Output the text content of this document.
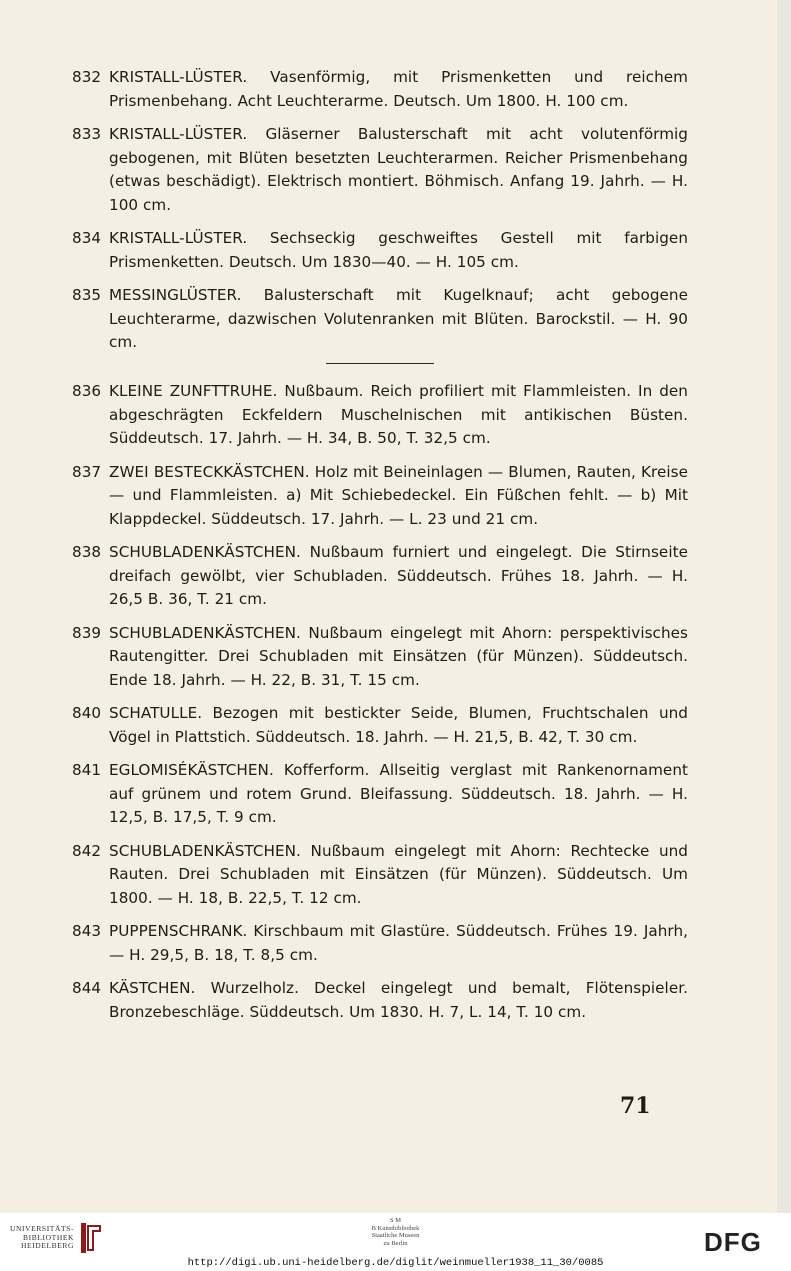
832 KRISTALL-LÜSTER. Vasenförmig, mit Prismenketten und reichem Prismenbehang. Acht Leuchterarme. Deutsch. Um 1800. H. 100 cm.
833 KRISTALL-LÜSTER. Gläserner Balusterschaft mit acht volutenförmig gebogenen, mit Blüten besetzten Leuchterarmen. Reicher Prismenbehang (etwas beschädigt). Elektrisch montiert. Böhmisch. Anfang 19. Jahrh. — H. 100 cm.
834 KRISTALL-LÜSTER. Sechseckig geschweiftes Gestell mit farbigen Prismenketten. Deutsch. Um 1830—40. — H. 105 cm.
835 MESSINGLÜSTER. Balusterschaft mit Kugelknauf; acht gebogene Leuchterarme, dazwischen Volutenranken mit Blüten. Barockstil. — H. 90 cm.
836 KLEINE ZUNFTTRUHE. Nußbaum. Reich profiliert mit Flammleisten. In den abgeschrägten Eckfeldern Muschelnischen mit antikischen Büsten. Süddeutsch. 17. Jahrh. — H. 34, B. 50, T. 32,5 cm.
837 ZWEI BESTECKKÄSTCHEN. Holz mit Beineinlagen — Blumen, Rauten, Kreise — und Flammleisten. a) Mit Schiebedeckel. Ein Füßchen fehlt. — b) Mit Klappdeckel. Süddeutsch. 17. Jahrh. — L. 23 und 21 cm.
838 SCHUBLADENKÄSTCHEN. Nußbaum furniert und eingelegt. Die Stirnseite dreifach gewölbt, vier Schubladen. Süddeutsch. Frühes 18. Jahrh. — H. 26,5 B. 36, T. 21 cm.
839 SCHUBLADENKÄSTCHEN. Nußbaum eingelegt mit Ahorn: perspektivisches Rautengitter. Drei Schubladen mit Einsätzen (für Münzen). Süddeutsch. Ende 18. Jahrh. — H. 22, B. 31, T. 15 cm.
840 SCHATULLE. Bezogen mit bestickter Seide, Blumen, Fruchtschalen und Vögel in Plattstich. Süddeutsch. 18. Jahrh. — H. 21,5, B. 42, T. 30 cm.
841 EGLOMISÉKÄSTCHEN. Kofferform. Allseitig verglast mit Rankenornament auf grünem und rotem Grund. Bleifassung. Süddeutsch. 18. Jahrh. — H. 12,5, B. 17,5, T. 9 cm.
842 SCHUBLADENKÄSTCHEN. Nußbaum eingelegt mit Ahorn: Rechtecke und Rauten. Drei Schubladen mit Einsätzen (für Münzen). Süddeutsch. Um 1800. — H. 18, B. 22,5, T. 12 cm.
843 PUPPENSCHRANK. Kirschbaum mit Glastüre. Süddeutsch. Frühes 19. Jahrh, — H. 29,5, B. 18, T. 8,5 cm.
844 KÄSTCHEN. Wurzelholz. Deckel eingelegt und bemalt, Flötenspieler. Bronzebeschläge. Süddeutsch. Um 1830. H. 7, L. 14, T. 10 cm.
71
UNIVERSITÄTS-
BIBLIOTHEK
HEIDELBERG
S M
B Kunstbibliothek
Staatliche Museen
zu Berlin	DFG
http://digi.ub.uni-heidelberg.de/diglit/weinmueller1938_11_30/0085
